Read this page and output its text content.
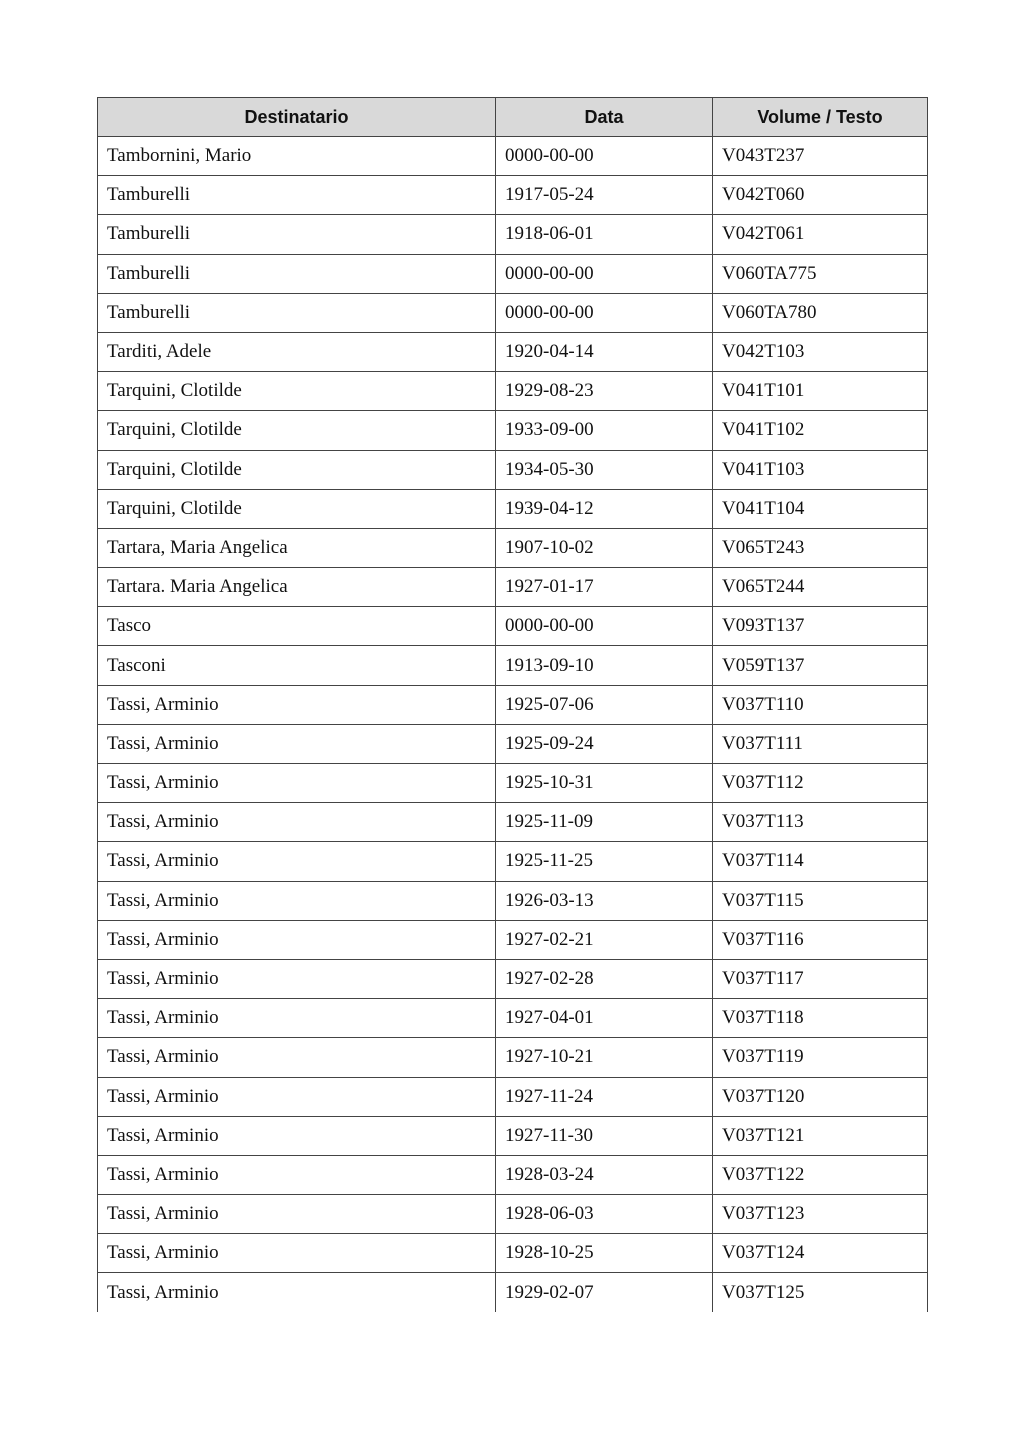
Destinatario	Data	Volume / Testo
Tambornini, Mario	0000-00-00	V043T237
Tamburelli	1917-05-24	V042T060
Tamburelli	1918-06-01	V042T061
Tamburelli	0000-00-00	V060TA775
Tamburelli	0000-00-00	V060TA780
Tarditi, Adele	1920-04-14	V042T103
Tarquini, Clotilde	1929-08-23	V041T101
Tarquini, Clotilde	1933-09-00	V041T102
Tarquini, Clotilde	1934-05-30	V041T103
Tarquini, Clotilde	1939-04-12	V041T104
Tartara, Maria Angelica	1907-10-02	V065T243
Tartara. Maria Angelica	1927-01-17	V065T244
Tasco	0000-00-00	V093T137
Tasconi	1913-09-10	V059T137
Tassi, Arminio	1925-07-06	V037T110
Tassi, Arminio	1925-09-24	V037T111
Tassi, Arminio	1925-10-31	V037T112
Tassi, Arminio	1925-11-09	V037T113
Tassi, Arminio	1925-11-25	V037T114
Tassi, Arminio	1926-03-13	V037T115
Tassi, Arminio	1927-02-21	V037T116
Tassi, Arminio	1927-02-28	V037T117
Tassi, Arminio	1927-04-01	V037T118
Tassi, Arminio	1927-10-21	V037T119
Tassi, Arminio	1927-11-24	V037T120
Tassi, Arminio	1927-11-30	V037T121
Tassi, Arminio	1928-03-24	V037T122
Tassi, Arminio	1928-06-03	V037T123
Tassi, Arminio	1928-10-25	V037T124
Tassi, Arminio	1929-02-07	V037T125
